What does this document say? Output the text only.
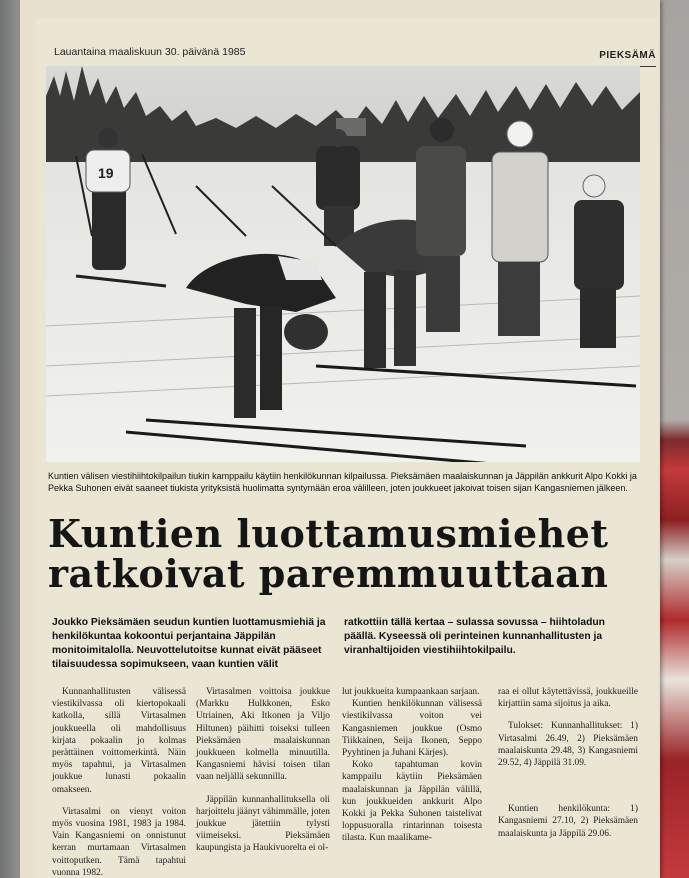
Lauantaina maaliskuun 30. päivänä 1985	PIEKSÄMÄ
19
Kuntien välisen viestihiihtokilpailun tiukin kamppailu käytiin henkilökunnan kilpailussa. Pieksämäen maalaiskunnan ja Jäppilän ankkurit Alpo Kokki ja Pekka Suhonen eivät saaneet tiukista yrityksistä huolimatta syntymään eroa välilleen, joten joukkueet jakoivat toisen sijan Kangasniemen jälkeen.
Kuntien luottamusmiehet
ratkoivat paremmuuttaan
Joukko Pieksämäen seudun kuntien luottamusmiehiä ja henkilökuntaa kokoontui perjantaina Jäppilän monitoimitalolla. Neuvottelutoitse kunnat eivät pääseet tilaisuudessa sopimukseen, vaan kuntien välit
ratkottiin tällä kertaa – sulassa sovussa – hiihtoladun päällä. Kyseessä oli perinteinen kunnanhallitusten ja viranhaltijoiden viestihiihtokilpailu.

Kunnanhallitusten välisessä viestikilvassa oli kiertopokaali katkolla, sillä Virtasalmen joukkueella oli mahdollisuus kirjata pokaalin jo kolmas perättäinen voittomerkintä. Näin myös tapahtui, ja Virtasalmen joukkue lunasti pokaalin omakseen.

Virtasalmi on vienyt voiton myös vuosina 1981, 1983 ja 1984. Vain Kangasniemi on onnistunut kerran murtamaan Virtasalmen voittoputken. Tämä tapahtui vuonna 1982.

Virtasalmen voittoisa joukkue (Markku Hulkkonen, Esko Utriainen, Aki Itkonen ja Viljo Hiltunen) päihitti toiseksi tulleen Pieksämäen maalaiskunnan joukkueen kolmella minuutilla. Kangasniemi hävisi toisen tilan vaan neljällä sekunnilla.

Jäppilän kunnanhallituksella oli harjoittelu jäänyt vähimmälle, joten joukkue jätettiin tylysti viimeiseksi. Pieksämäen kaupungista ja Haukivuorelta ei ol-

lut joukkueita kumpaankaan sarjaan.

Kuntien henkilökunnan välisessä viestikilvassa voiton vei Kangasniemen joukkue (Osmo Tiikkainen, Seija Ikonen, Seppo Pyyhtinen ja Juhani Kärjes).

Koko tapahtuman kovin kamppailu käytiin Pieksämäen maalaiskunnan ja Jäppilän välillä, kun joukkueiden ankkurit Alpo Kokki ja Pekka Suhonen taistelivat loppusuoralla rintarinnan toisesta tilasta. Kun maalikame-

raa ei ollut käytettävissä, joukkueille kirjattiin sama sijoitus ja aika.

Tulokset: Kunnanhallitukset: 1) Virtasalmi 26.49, 2) Pieksämäen maalaiskunta 29.48, 3) Kangasniemi 29.52, 4) Jäppilä 31.09.

Kuntien henkilökunta: 1) Kangasniemi 27.10, 2) Pieksämäen maalaiskunta ja Jäppilä 29.06.
